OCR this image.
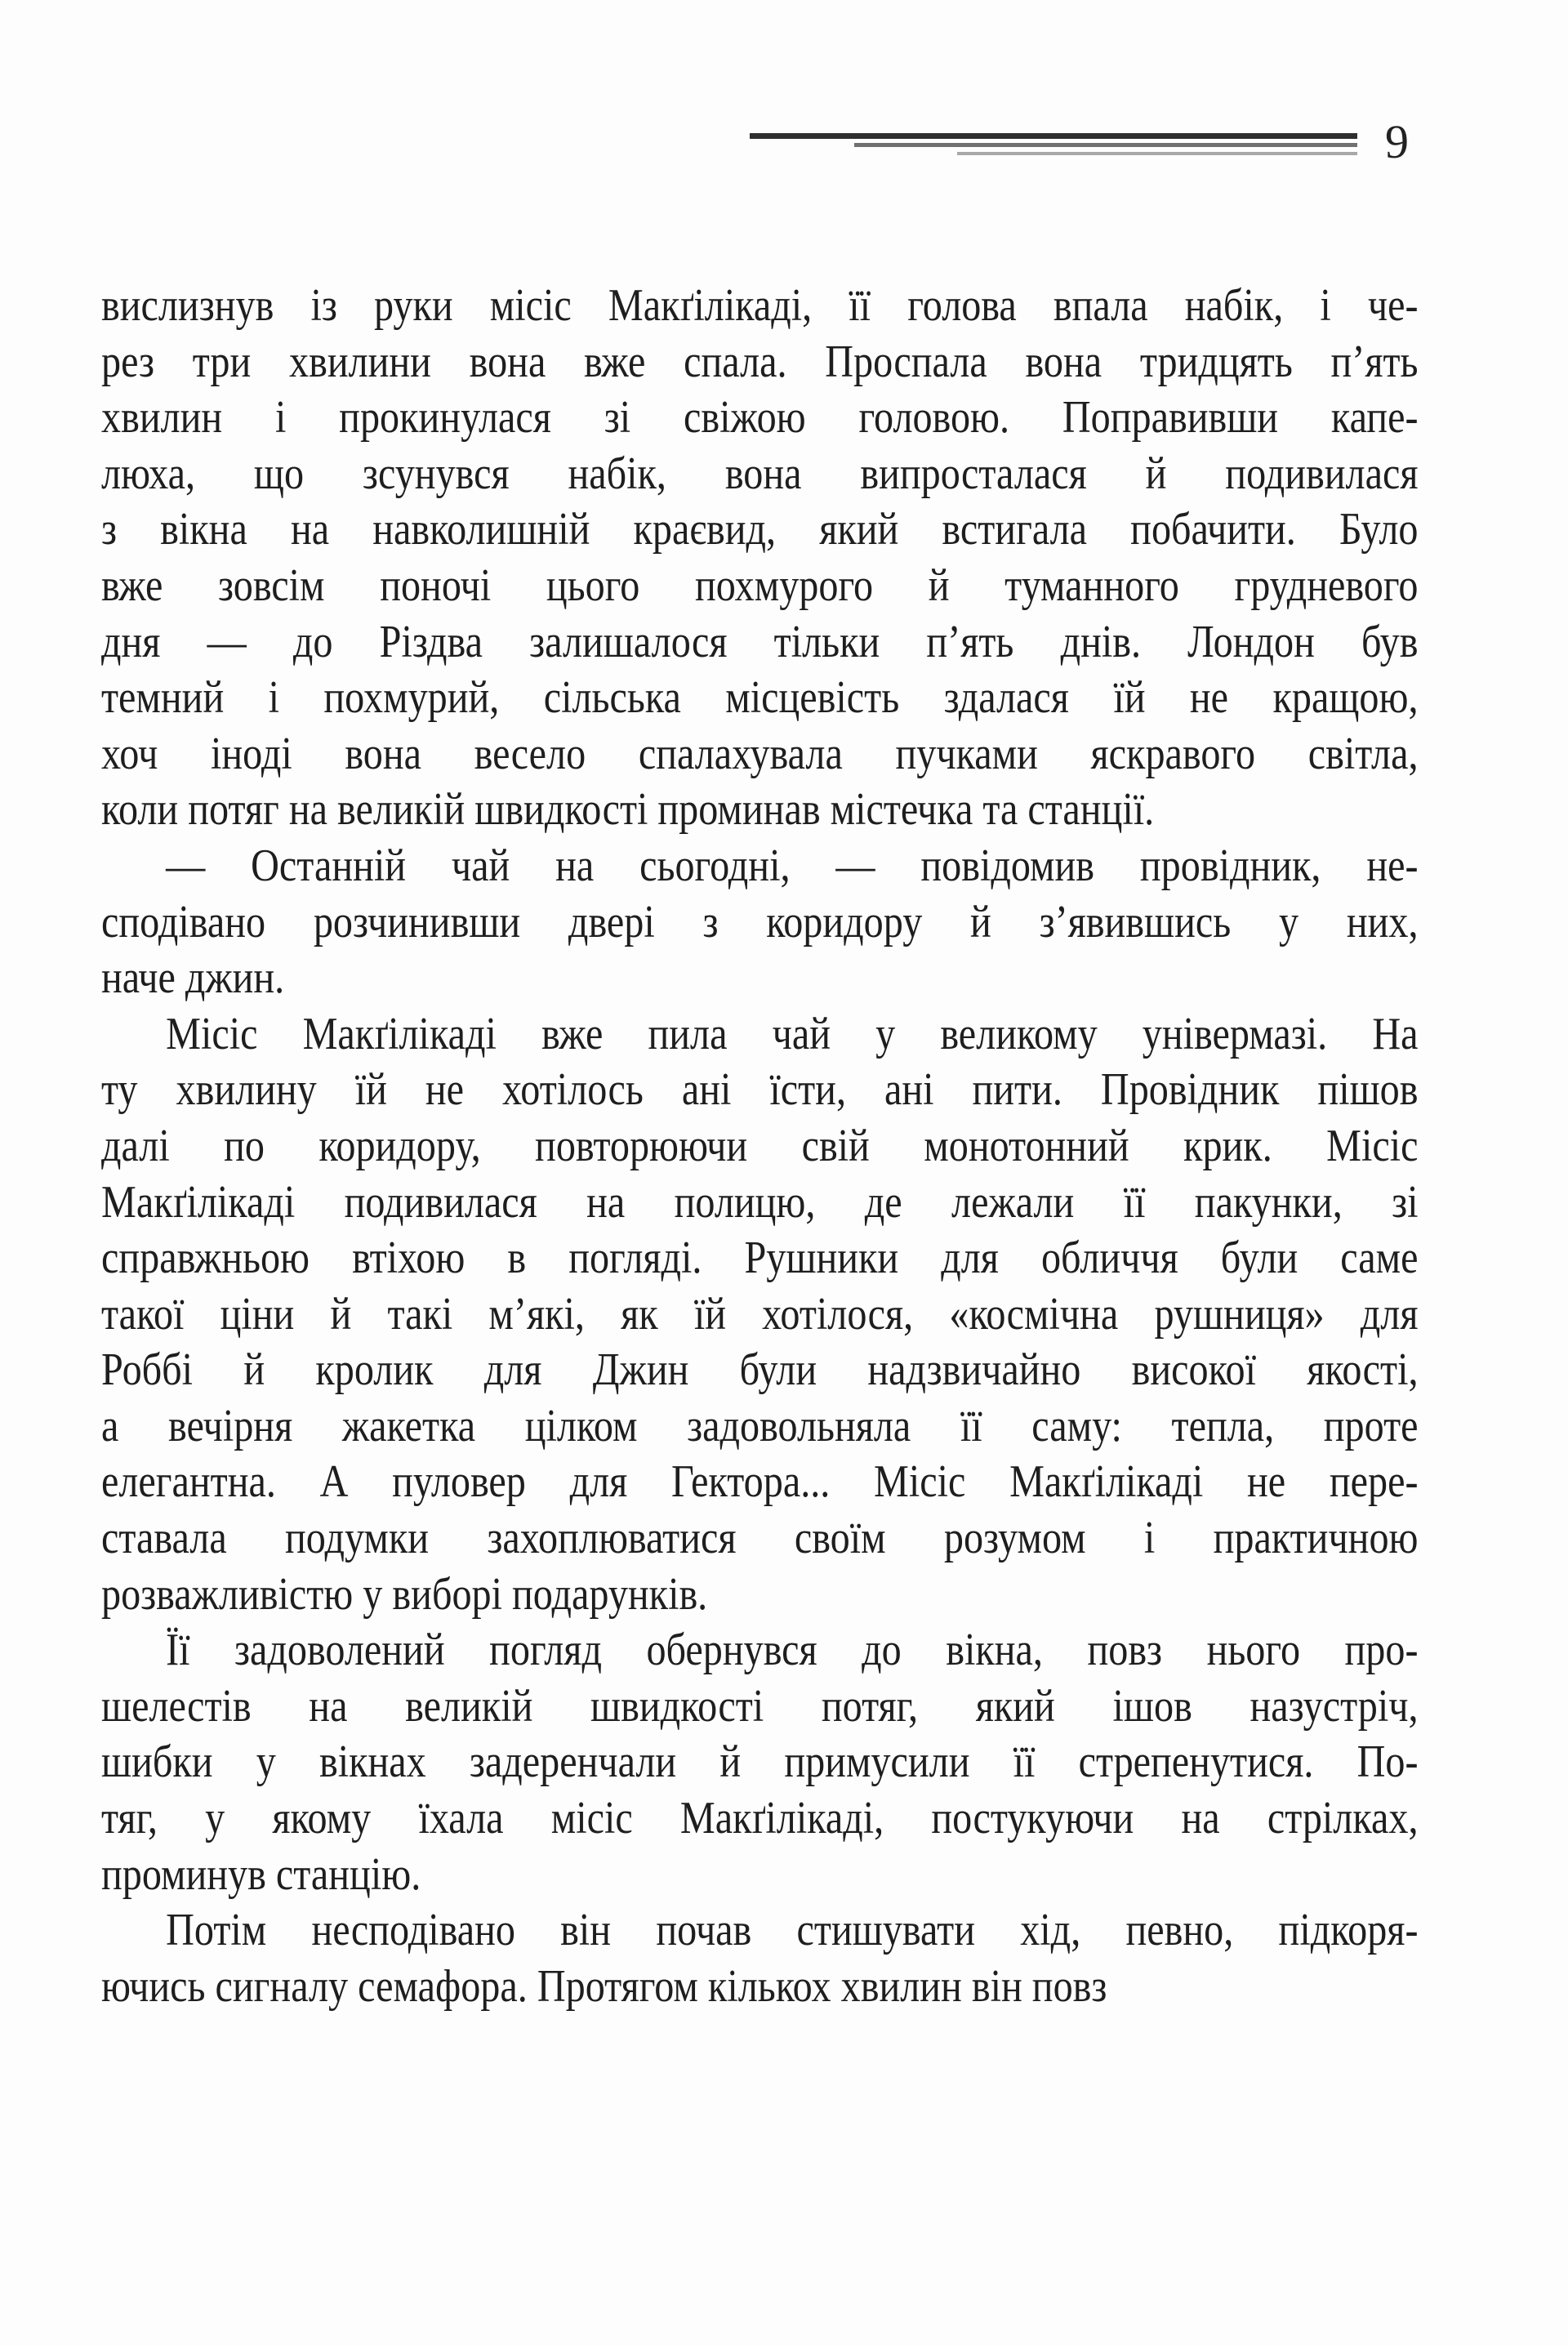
9
вислизнув із руки місіс Макґілікаді, її голова впала набік, і че-
рез три хвилини вона вже спала. Проспала вона тридцять п’ять
хвилин і прокинулася зі свіжою головою. Поправивши капе-
люха, що зсунувся набік, вона випросталася й подивилася
з вікна на навколишній краєвид, який встигала побачити. Було
вже зовсім поночі цього похмурого й туманного грудневого
дня — до Різдва залишалося тільки п’ять днів. Лондон був
темний і похмурий, сільська місцевість здалася їй не кращою,
хоч іноді вона весело спалахувала пучками яскравого світла,
коли потяг на великій швидкості проминав містечка та станції.
— Останній чай на сьогодні, — повідомив провідник, не-
сподівано розчинивши двері з коридору й з’явившись у них,
наче джин.
Місіс Макґілікаді вже пила чай у великому універмазі. На
ту хвилину їй не хотілось ані їсти, ані пити. Провідник пішов
далі по коридору, повторюючи свій монотонний крик. Місіс
Макґілікаді подивилася на полицю, де лежали її пакунки, зі
справжньою втіхою в погляді. Рушники для обличчя були саме
такої ціни й такі м’які, як їй хотілося, «космічна рушниця» для
Роббі й кролик для Джин були надзвичайно високої якості,
а вечірня жакетка цілком задовольняла її саму: тепла, проте
елегантна. А пуловер для Гектора... Місіс Макґілікаді не пере-
ставала подумки захоплюватися своїм розумом і практичною
розважливістю у виборі подарунків.
Її задоволений погляд обернувся до вікна, повз нього про-
шелестів на великій швидкості потяг, який ішов назустріч,
шибки у вікнах задеренчали й примусили її стрепенутися. По-
тяг, у якому їхала місіс Макґілікаді, постукуючи на стрілках,
проминув станцію.
Потім несподівано він почав стишувати хід, певно, підкоря-
ючись сигналу семафора. Протягом кількох хвилин він повз
